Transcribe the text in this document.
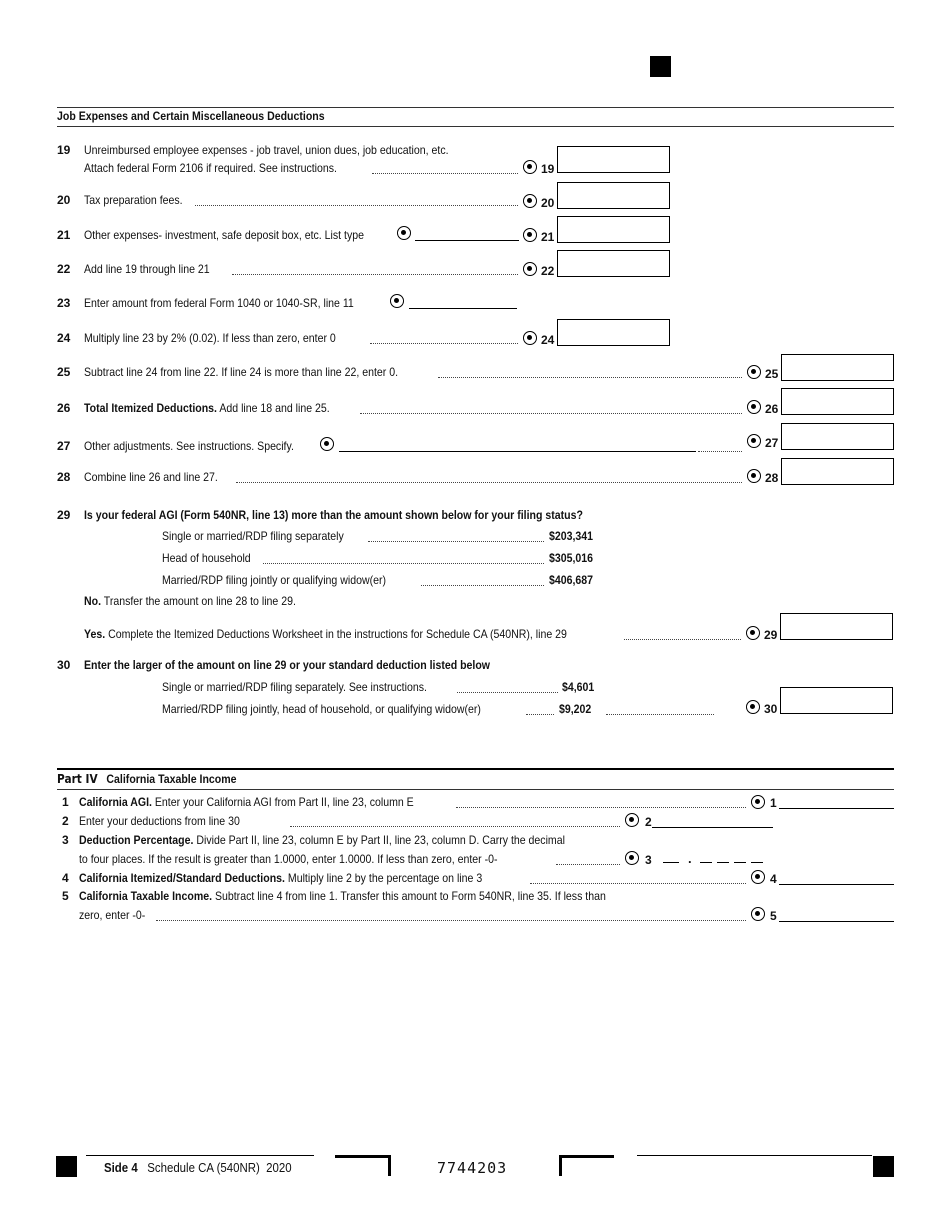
Job Expenses and Certain Miscellaneous Deductions
19 Unreimbursed employee expenses - job travel, union dues, job education, etc.
Attach federal Form 2106 if required. See instructions.	19
20 Tax preparation fees.	20
21 Other expenses- investment, safe deposit box, etc. List type	21
22 Add line 19 through line 21	22
23 Enter amount from federal Form 1040 or 1040-SR, line 11
24 Multiply line 23 by 2% (0.02). If less than zero, enter 0	24
25 Subtract line 24 from line 22. If line 24 is more than line 22, enter 0.	25
26 Total Itemized Deductions. Add line 18 and line 25.	26
27 Other adjustments. See instructions. Specify.	27
28 Combine line 26 and line 27.	28
29 Is your federal AGI (Form 540NR, line 13) more than the amount shown below for your filing status?
Single or married/RDP filing separately	$203,341
Head of household	$305,016
Married/RDP filing jointly or qualifying widow(er)	$406,687
No. Transfer the amount on line 28 to line 29.
Yes. Complete the Itemized Deductions Worksheet in the instructions for Schedule CA (540NR), line 29	29
30 Enter the larger of the amount on line 29 or your standard deduction listed below
Single or married/RDP filing separately. See instructions.	$4,601
Married/RDP filing jointly, head of household, or qualifying widow(er)	$9,202	30
Part IV California Taxable Income
1 California AGI. Enter your California AGI from Part II, line 23, column E	1
2 Enter your deductions from line 30	2
3 Deduction Percentage. Divide Part II, line 23, column E by Part II, line 23, column D. Carry the decimal
to four places. If the result is greater than 1.0000, enter 1.0000. If less than zero, enter -0-	3	.
4 California Itemized/Standard Deductions. Multiply line 2 by the percentage on line 3	4
5 California Taxable Income. Subtract line 4 from line 1. Transfer this amount to Form 540NR, line 35. If less than
zero, enter -0-	5
Side 4 Schedule CA (540NR) 2020	7744203
